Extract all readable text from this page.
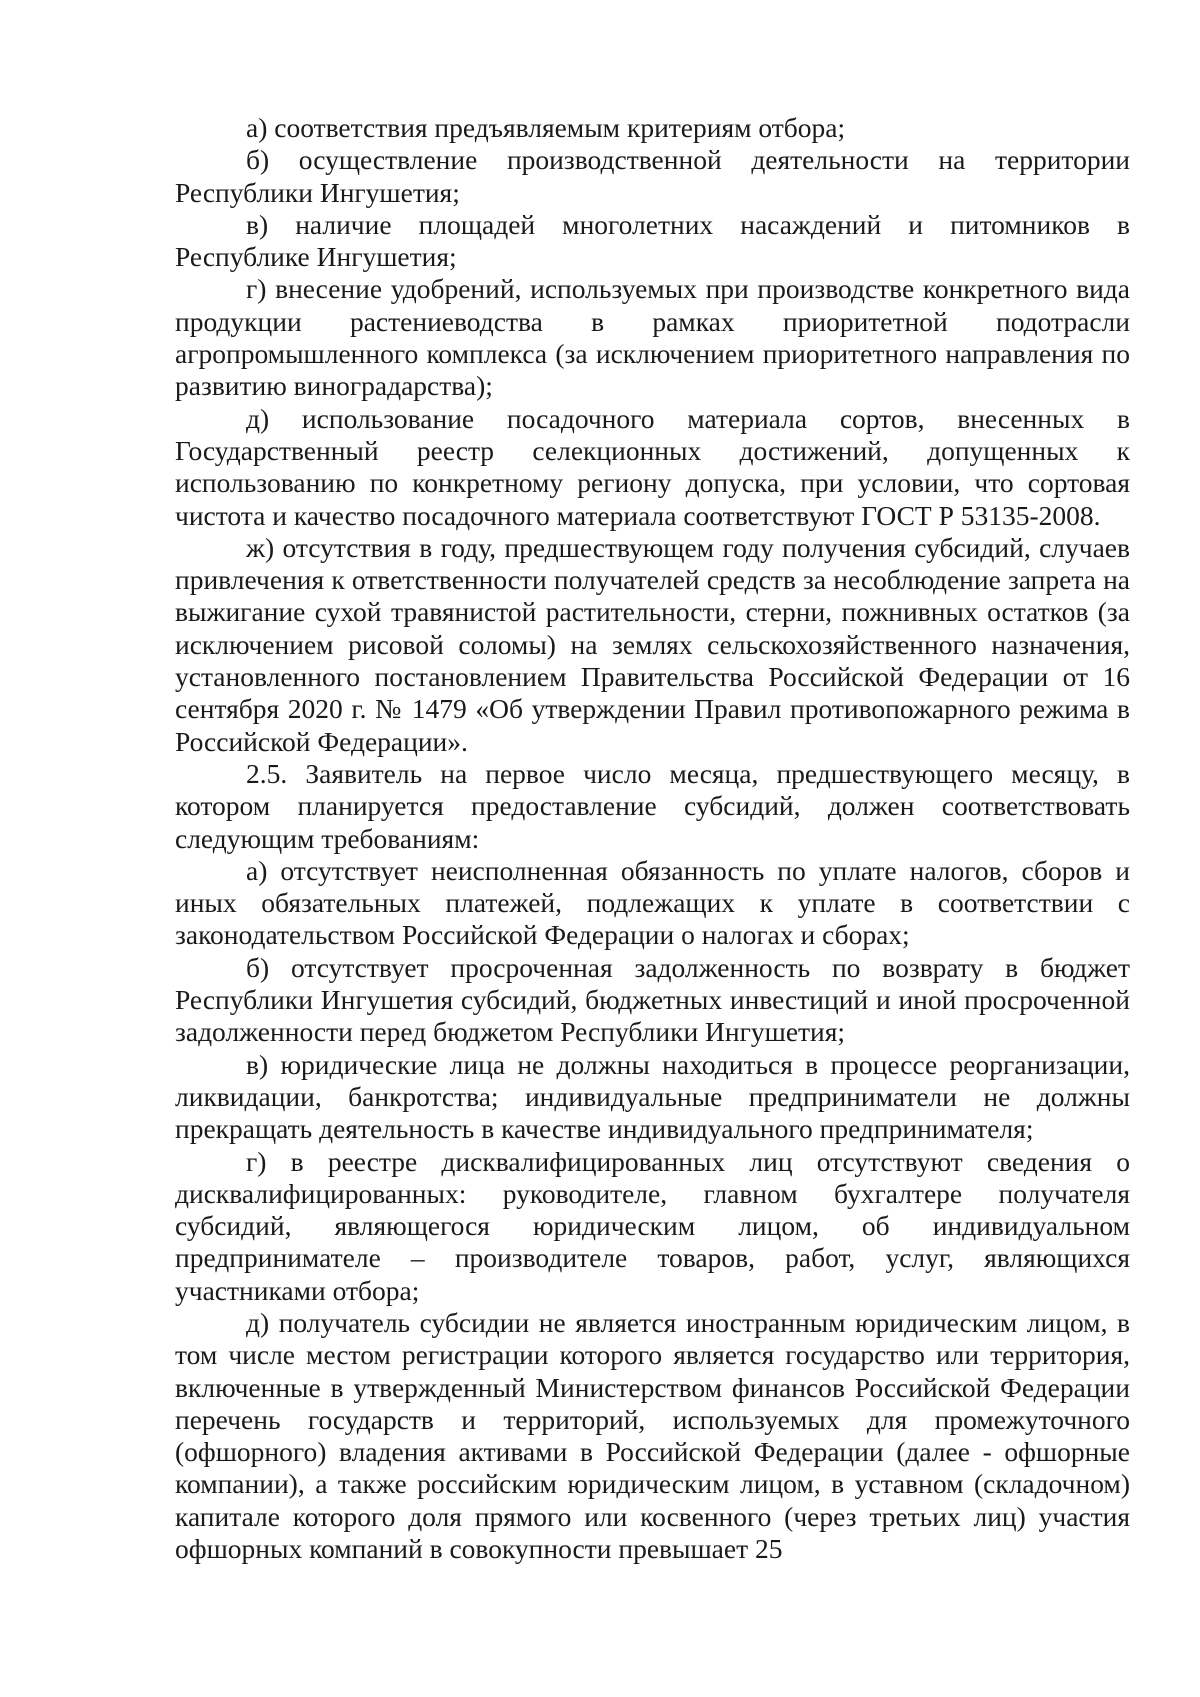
а) соответствия предъявляемым критериям отбора;

б) осуществление производственной деятельности на территории Республики Ингушетия;

в) наличие площадей многолетних насаждений и питомников в Республике Ингушетия;

г) внесение удобрений, используемых при производстве конкретного вида продукции растениеводства в рамках приоритетной подотрасли агропромышленного комплекса (за исключением приоритетного направления по развитию виноградарства);

д) использование посадочного материала сортов, внесенных в Государственный реестр селекционных достижений, допущенных к использованию по конкретному региону допуска, при условии, что сортовая чистота и качество посадочного материала соответствуют ГОСТ Р 53135-2008.

ж) отсутствия в году, предшествующем году получения субсидий, случаев привлечения к ответственности получателей средств за несоблюдение запрета на выжигание сухой травянистой растительности, стерни, пожнивных остатков (за исключением рисовой соломы) на землях сельскохозяйственного назначения, установленного постановлением Правительства Российской Федерации от 16 сентября 2020 г. № 1479 «Об утверждении Правил противопожарного режима в Российской Федерации».

2.5. Заявитель на первое число месяца, предшествующего месяцу, в котором планируется предоставление субсидий, должен соответствовать следующим требованиям:

а) отсутствует неисполненная обязанность по уплате налогов, сборов и иных обязательных платежей, подлежащих к уплате в соответствии с законодательством Российской Федерации о налогах и сборах;

б) отсутствует просроченная задолженность по возврату в бюджет Республики Ингушетия субсидий, бюджетных инвестиций и иной просроченной задолженности перед бюджетом Республики Ингушетия;

в) юридические лица не должны находиться в процессе реорганизации, ликвидации, банкротства; индивидуальные предприниматели не должны прекращать деятельность в качестве индивидуального предпринимателя;

г) в реестре дисквалифицированных лиц отсутствуют сведения о дисквалифицированных: руководителе, главном бухгалтере получателя субсидий, являющегося юридическим лицом, об индивидуальном предпринимателе – производителе товаров, работ, услуг, являющихся участниками отбора;

д) получатель субсидии не является иностранным юридическим лицом, в том числе местом регистрации которого является государство или территория, включенные в утвержденный Министерством финансов Российской Федерации перечень государств и территорий, используемых для промежуточного (офшорного) владения активами в Российской Федерации (далее - офшорные компании), а также российским юридическим лицом, в уставном (складочном) капитале которого доля прямого или косвенного (через третьих лиц) участия офшорных компаний в совокупности превышает 25
